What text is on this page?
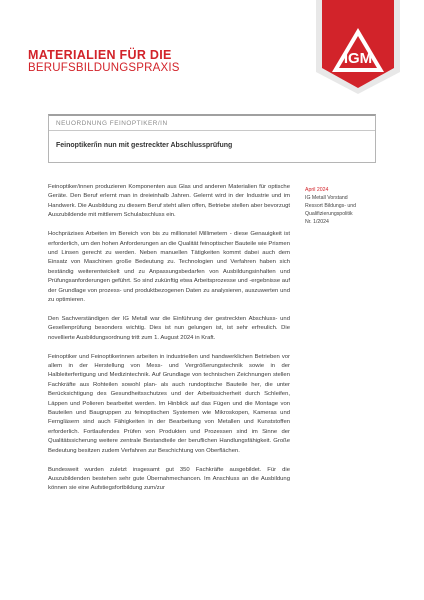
MATERIALIEN FÜR DIE
BERUFSBILDUNGSPRAXIS
IGM
NEUORDNUNG FEINOPTIKER/IN
Feinoptiker/in nun mit gestreckter Abschlussprüfung

Feinoptiker/innen produzieren Komponenten aus Glas und anderen Materialien für optische Geräte. Den Beruf erlernt man in dreieinhalb Jahren. Gelernt wird in der Industrie und im Handwerk. Die Ausbildung zu diesem Beruf steht allen offen, Betriebe stellen aber bevorzugt Auszubildende mit mittlerem Schulabschluss ein.

Hochpräzises Arbeiten im Bereich von bis zu millionstel Millimetern - diese Genauigkeit ist erforderlich, um den hohen Anforderungen an die Qualität feinoptischer Bauteile wie Prismen und Linsen gerecht zu werden. Neben manuellen Tätigkeiten kommt dabei auch dem Einsatz von Maschinen große Bedeutung zu. Technologien und Verfahren haben sich beständig weiterentwickelt und zu Anpassungsbedarfen von Ausbildungsinhalten und Prüfungsanforderungen geführt. So sind zukünftig etwa Arbeitsprozesse und -ergebnisse auf der Grundlage von prozess- und produktbezogenen Daten zu analysieren, auszuwerten und zu optimieren.

Den Sachverständigen der IG Metall war die Einführung der gestreckten Abschluss- und Gesellenprüfung besonders wichtig. Dies ist nun gelungen ist, ist sehr erfreulich. Die novellierte Ausbildungsordnung tritt zum 1. August 2024 in Kraft.

Feinoptiker und Feinoptikerinnen arbeiten in industriellen und handwerklichen Betrieben vor allem in der Herstellung von Mess- und Vergrößerungstechnik sowie in der Halbleiterfertigung und Medizintechnik. Auf Grundlage von technischen Zeichnungen stellen Fachkräfte aus Rohteilen sowohl plan- als auch rundoptische Bauteile her, die unter Berücksichtigung des Gesundheitsschutzes und der Arbeitssicherheit durch Schleifen, Läppen und Polieren bearbeitet werden. Im Hinblick auf das Fügen und die Montage von Bauteilen und Baugruppen zu feinoptischen Systemen wie Mikroskopen, Kameras und Ferngläsern sind auch Fähigkeiten in der Bearbeitung von Metallen und Kunststoffen erforderlich. Fortlaufendes Prüfen von Produkten und Prozessen sind im Sinne der Qualitätssicherung weitere zentrale Bestandteile der beruflichen Handlungsfähigkeit. Große Bedeutung besitzen zudem Verfahren zur Beschichtung von Oberflächen.

Bundesweit wurden zuletzt insgesamt gut 350 Fachkräfte ausgebildet. Für die Auszubildenden bestehen sehr gute Übernahmechancen. Im Anschluss an die Ausbildung können sie eine Aufstiegsfortbildung zum/zur

April 2024
IG Metall Vorstand
Ressort Bildungs- und
Qualifizierungspolitik
Nr. 1/2024
